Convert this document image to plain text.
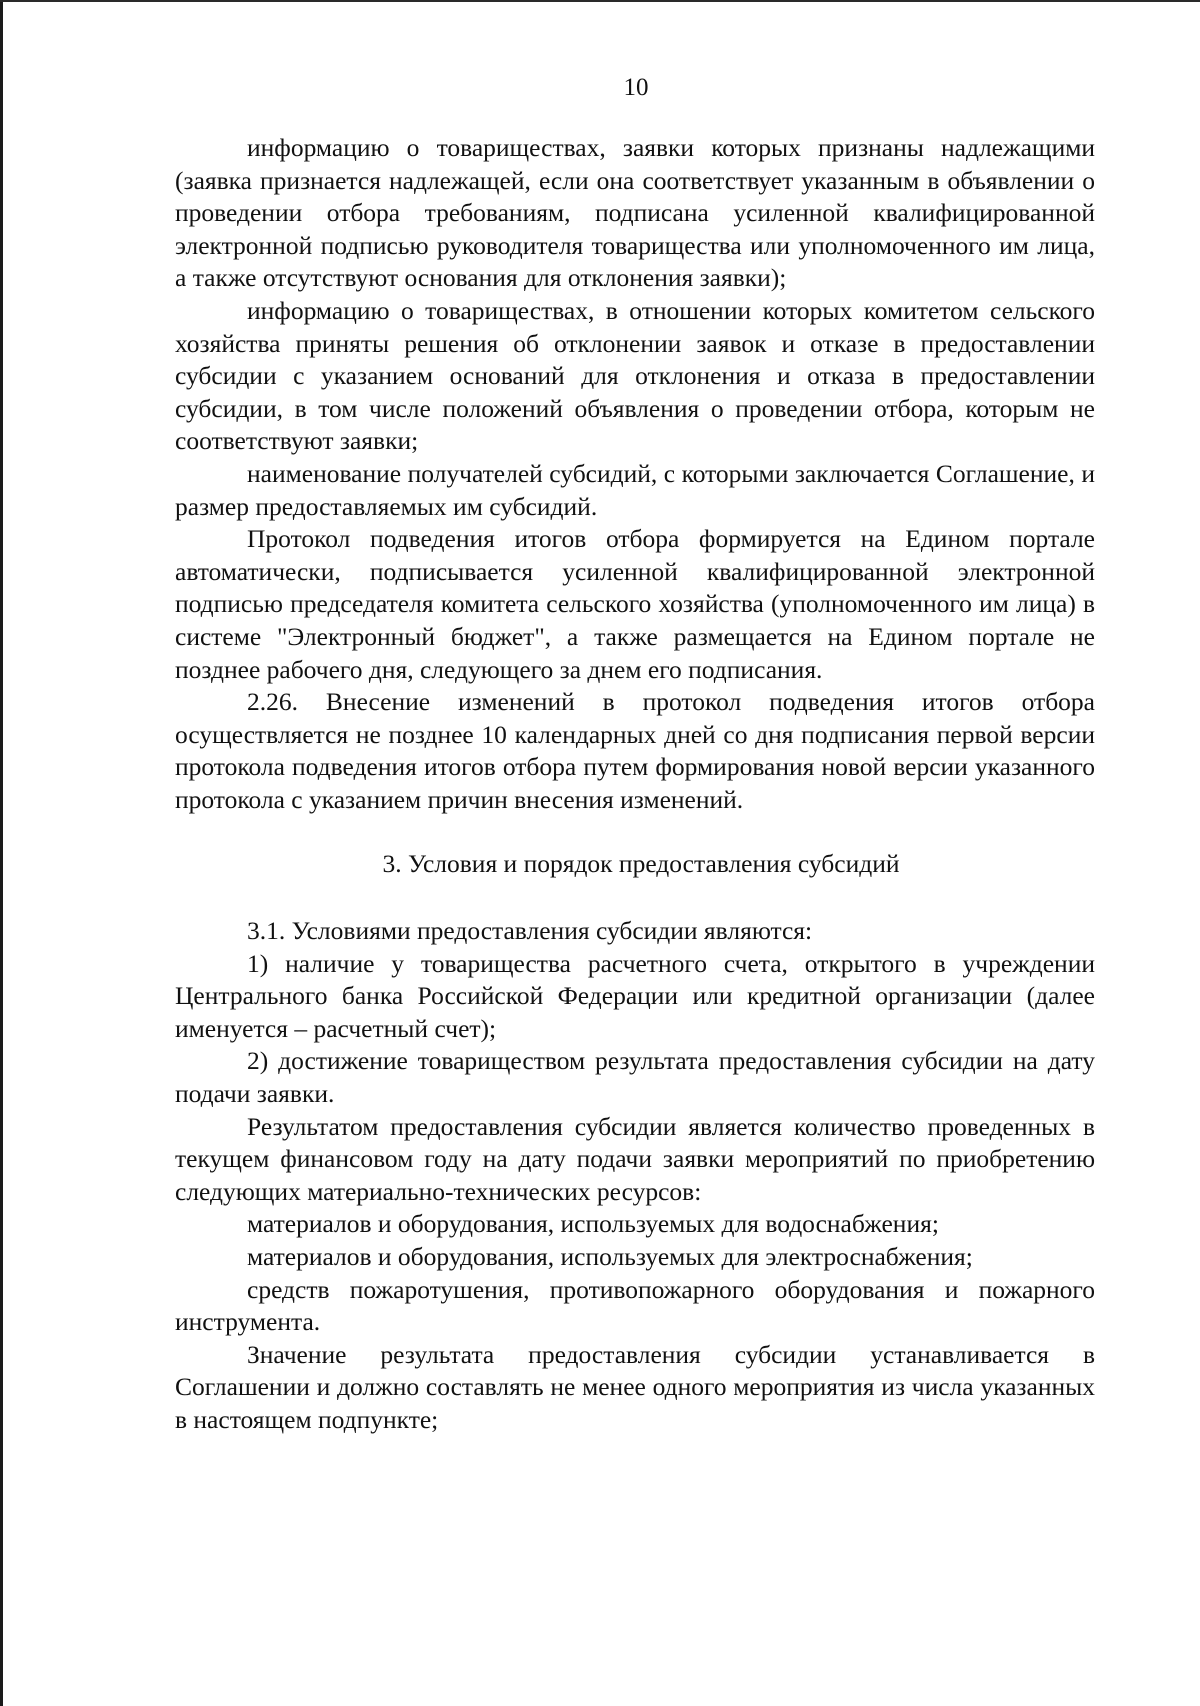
10

информацию о товариществах, заявки которых признаны надлежащими (заявка признается надлежащей, если она соответствует указанным в объявлении о проведении отбора требованиям, подписана усиленной квалифицированной электронной подписью руководителя товарищества или уполномоченного им лица, а также отсутствуют основания для отклонения заявки);

информацию о товариществах, в отношении которых комитетом сельского хозяйства приняты решения об отклонении заявок и отказе в предоставлении субсидии с указанием оснований для отклонения и отказа в предоставлении субсидии, в том числе положений объявления о проведении отбора, которым не соответствуют заявки;

наименование получателей субсидий, с которыми заключается Соглашение, и размер предоставляемых им субсидий.

Протокол подведения итогов отбора формируется на Едином портале автоматически, подписывается усиленной квалифицированной электронной подписью председателя комитета сельского хозяйства (уполномоченного им лица) в системе "Электронный бюджет", а также размещается на Едином портале не позднее рабочего дня, следующего за днем его подписания.

2.26. Внесение изменений в протокол подведения итогов отбора осуществляется не позднее 10 календарных дней со дня подписания первой версии протокола подведения итогов отбора путем формирования новой версии указанного протокола с указанием причин внесения изменений.

3. Условия и порядок предоставления субсидий

3.1. Условиями предоставления субсидии являются:

1) наличие у товарищества расчетного счета, открытого в учреждении Центрального банка Российской Федерации или кредитной организации (далее именуется – расчетный счет);

2) достижение товариществом результата предоставления субсидии на дату подачи заявки.

Результатом предоставления субсидии является количество проведенных в текущем финансовом году на дату подачи заявки мероприятий по приобретению следующих материально-технических ресурсов:

материалов и оборудования, используемых для водоснабжения;

материалов и оборудования, используемых для электроснабжения;

средств пожаротушения, противопожарного оборудования и пожарного инструмента.

Значение результата предоставления субсидии устанавливается в Соглашении и должно составлять не менее одного мероприятия из числа указанных в настоящем подпункте;
